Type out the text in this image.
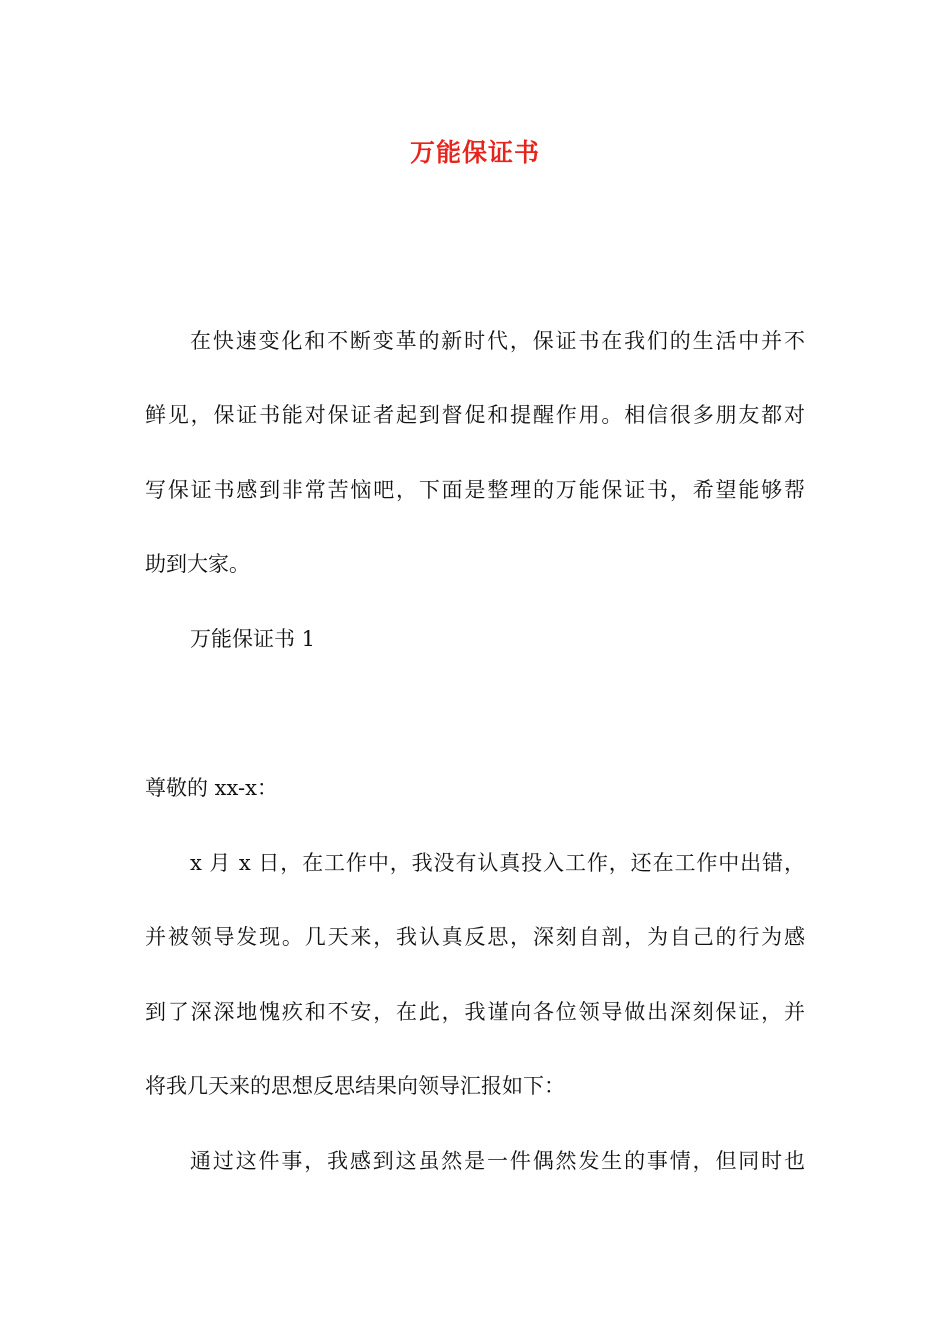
万能保证书
在快速变化和不断变革的新时代，保证书在我们的生活中并不
鲜见，保证书能对保证者起到督促和提醒作用。相信很多朋友都对
写保证书感到非常苦恼吧，下面是整理的万能保证书，希望能够帮
助到大家。
万能保证书 1
尊敬的 xx-x：
x 月 x 日，在工作中，我没有认真投入工作，还在工作中出错，
并被领导发现。几天来，我认真反思，深刻自剖，为自己的行为感
到了深深地愧疚和不安，在此，我谨向各位领导做出深刻保证，并
将我几天来的思想反思结果向领导汇报如下：
通过这件事，我感到这虽然是一件偶然发生的事情，但同时也
